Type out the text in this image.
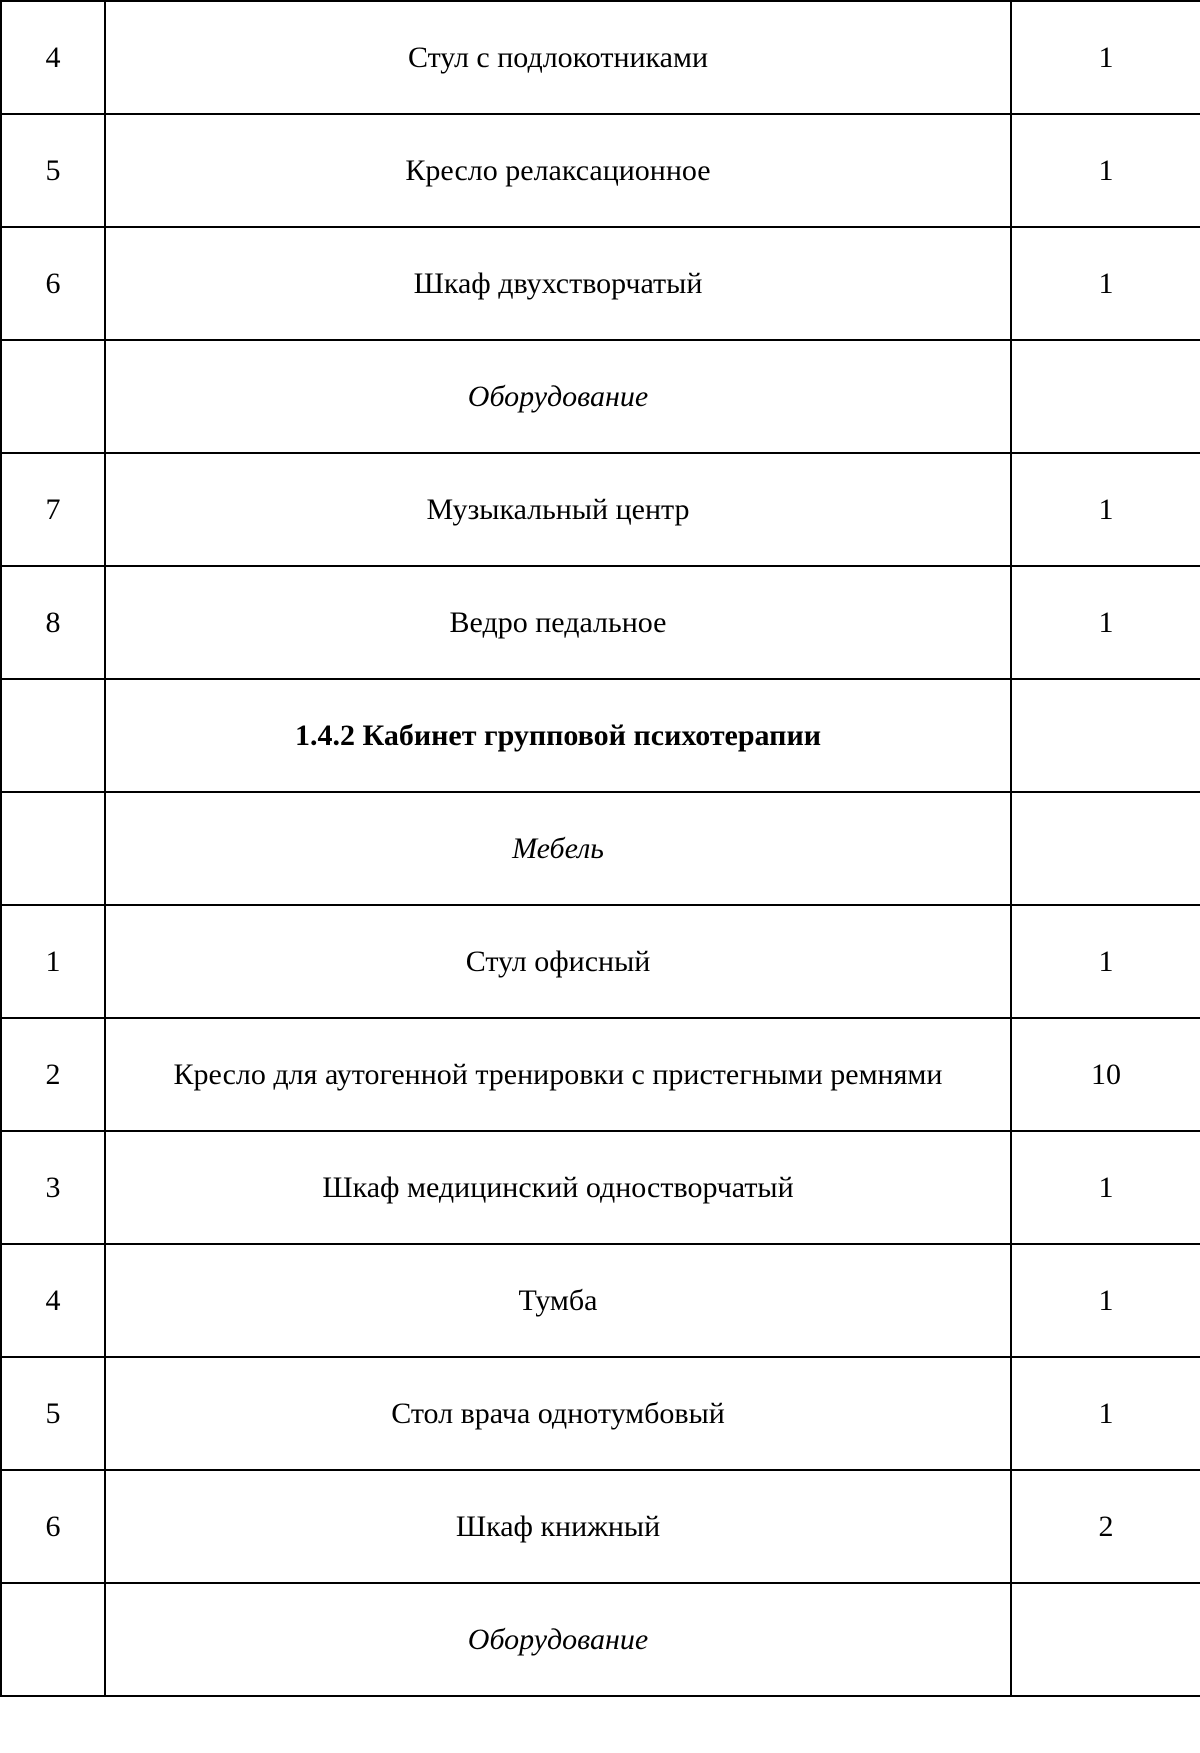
4	Стул с подлокотниками	1
5	Кресло релаксационное	1
6	Шкаф двухстворчатый	1
	Оборудование	
7	Музыкальный центр	1
8	Ведро педальное	1
	1.4.2 Кабинет групповой психотерапии	
	Мебель	
1	Стул офисный	1
2	Кресло для аутогенной тренировки с пристегными ремнями	10
3	Шкаф медицинский одностворчатый	1
4	Тумба	1
5	Стол врача однотумбовый	1
6	Шкаф книжный	2
	Оборудование	
